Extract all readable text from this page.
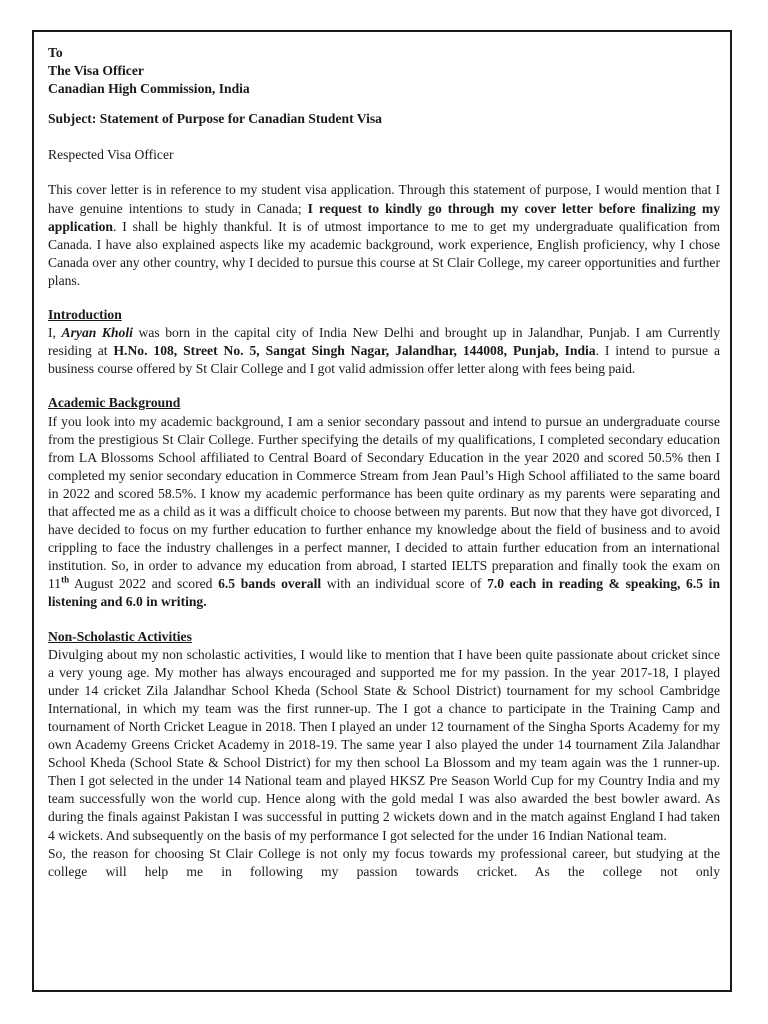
To
The Visa Officer
Canadian High Commission, India
Subject: Statement of Purpose for Canadian Student Visa
Respected Visa Officer

This cover letter is in reference to my student visa application. Through this statement of purpose, I would mention that I have genuine intentions to study in Canada; I request to kindly go through my cover letter before finalizing my application. I shall be highly thankful. It is of utmost importance to me to get my undergraduate qualification from Canada. I have also explained aspects like my academic background, work experience, English proficiency, why I chose Canada over any other country, why I decided to pursue this course at St Clair College, my career opportunities and further plans.

Introduction

I, Aryan Kholi was born in the capital city of India New Delhi and brought up in Jalandhar, Punjab. I am Currently residing at H.No. 108, Street No. 5, Sangat Singh Nagar, Jalandhar, 144008, Punjab, India. I intend to pursue a business course offered by St Clair College and I got valid admission offer letter along with fees being paid.

Academic Background

If you look into my academic background, I am a senior secondary passout and intend to pursue an undergraduate course from the prestigious St Clair College. Further specifying the details of my qualifications, I completed secondary education from LA Blossoms School affiliated to Central Board of Secondary Education in the year 2020 and scored 50.5% then I completed my senior secondary education in Commerce Stream from Jean Paul’s High School affiliated to the same board in 2022 and scored 58.5%. I know my academic performance has been quite ordinary as my parents were separating and that affected me as a child as it was a difficult choice to choose between my parents. But now that they have got divorced, I have decided to focus on my further education to further enhance my knowledge about the field of business and to avoid crippling to face the industry challenges in a perfect manner, I decided to attain further education from an international institution. So, in order to advance my education from abroad, I started IELTS preparation and finally took the exam on 11th August 2022 and scored 6.5 bands overall with an individual score of 7.0 each in reading & speaking, 6.5 in listening and 6.0 in writing.

Non-Scholastic Activities

Divulging about my non scholastic activities, I would like to mention that I have been quite passionate about cricket since a very young age. My mother has always encouraged and supported me for my passion. In the year 2017-18, I played under 14 cricket Zila Jalandhar School Kheda (School State & School District) tournament for my school Cambridge International, in which my team was the first runner-up. The I got a chance to participate in the Training Camp and tournament of North Cricket League in 2018. Then I played an under 12 tournament of the Singha Sports Academy for my own Academy Greens Cricket Academy in 2018-19. The same year I also played the under 14 tournament Zila Jalandhar School Kheda (School State & School District) for my then school La Blossom and my team again was the 1 runner-up. Then I got selected in the under 14 National team and played HKSZ Pre Season World Cup for my Country India and my team successfully won the world cup. Hence along with the gold medal I was also awarded the best bowler award. As during the finals against Pakistan I was successful in putting 2 wickets down and in the match against England I had taken 4 wickets. And subsequently on the basis of my performance I got selected for the under 16 Indian National team.

So, the reason for choosing St Clair College is not only my focus towards my professional career, but studying at the college will help me in following my passion towards cricket. As the college not only
